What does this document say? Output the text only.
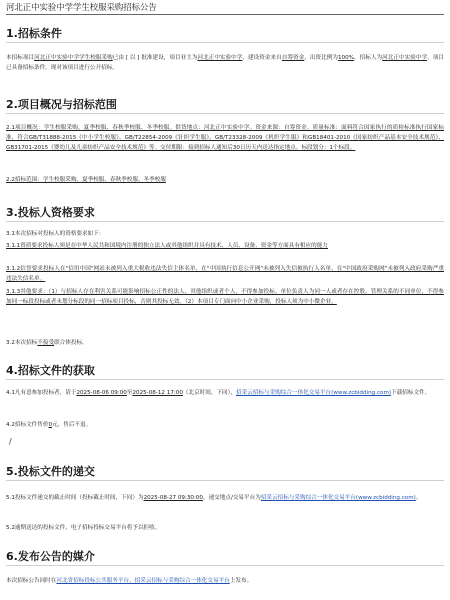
河北正中实验中学学生校服采购招标公告
1.招标条件
本招标项目河北正中实验中学学生校服采购已由 [ 以 ] 批准建设，项目业主为河北正中实验中学，建设资金来自自筹资金，出资比例为100%，招标人为河北正中实验中学。项目已具备招标条件，现对该项目进行公开招标。
2.项目概况与招标范围
2.1项目概况：学生校服采购，夏季校服、春秋季校服、冬季校服。供货地点：河北正中实验中学。资金来源：自筹资金。质量标准：面料符合国家执行的质检标准执行国家标准，符合GB/T31888-2015《中小学生校服》、GB/T22854-2009《针织学生服》、GB/T23328-2009《机织学生服》和GB18401-2010《国家纺织产品基本安全技术规范》、GB31701-2015《婴幼儿及儿童纺织产品安全技术规范》等。交付期限：接到招标人通知后30日历天内送达指定地点。标段划分：1个标段。
2.2招标范围：学生校服采购，夏季校服、春秋季校服、冬季校服
3.投标人资格要求
3.1本次招标对投标人的资格要求如下：
3.1.1资质要求投标人须是在中华人民共和国境内注册的独立法人或其他组织并具有技术、人员、设备、资金等方面具有相应的能力
3.1.2信誉要求投标人在"信用中国"网站未被列入重大税收违法失信主体名单、在"中国执行信息公开网"未被列入失信被执行人名单、在"中国政府采购网"未被列入政府采购严重违法失信名单。
3.1.3其他要求：（1）与招标人存在利害关系可能影响招标公正性的法人、其他组织或者个人，不得参加投标。单位负责人为同一人或者存在控股、管理关系的不同单位，不得参加同一标段投标或者未划分标段的同一招标项目投标，否则其投标无效。（2）本项目专门面向中小企业采购，投标人须为中小微企业。
3.2本次招标不接受联合体投标。
4.招标文件的获取
4.1凡有意参加投标者，请于2025-08-06 09:00至2025-08-12 17:00（北京时间，下同），招采云招标与采购综合一体化交易平台(www.zcbidding.com)下载招标文件。
4.2招标文件售价0元，售后不退。
/
5.投标文件的递交
5.1投标文件递交的截止时间（投标截止时间，下同）为2025-08-27 09:30:00，递交地点/交易平台为招采云招标与采购综合一体化交易平台(www.zcbidding.com)。
5.2逾期送达的投标文件，电子招标投标交易平台将予以拒收。
6.发布公告的媒介
本次招标公告同时在河北省招标投标公共服务平台、招采云招标与采购综合一体化交易平台上发布。
